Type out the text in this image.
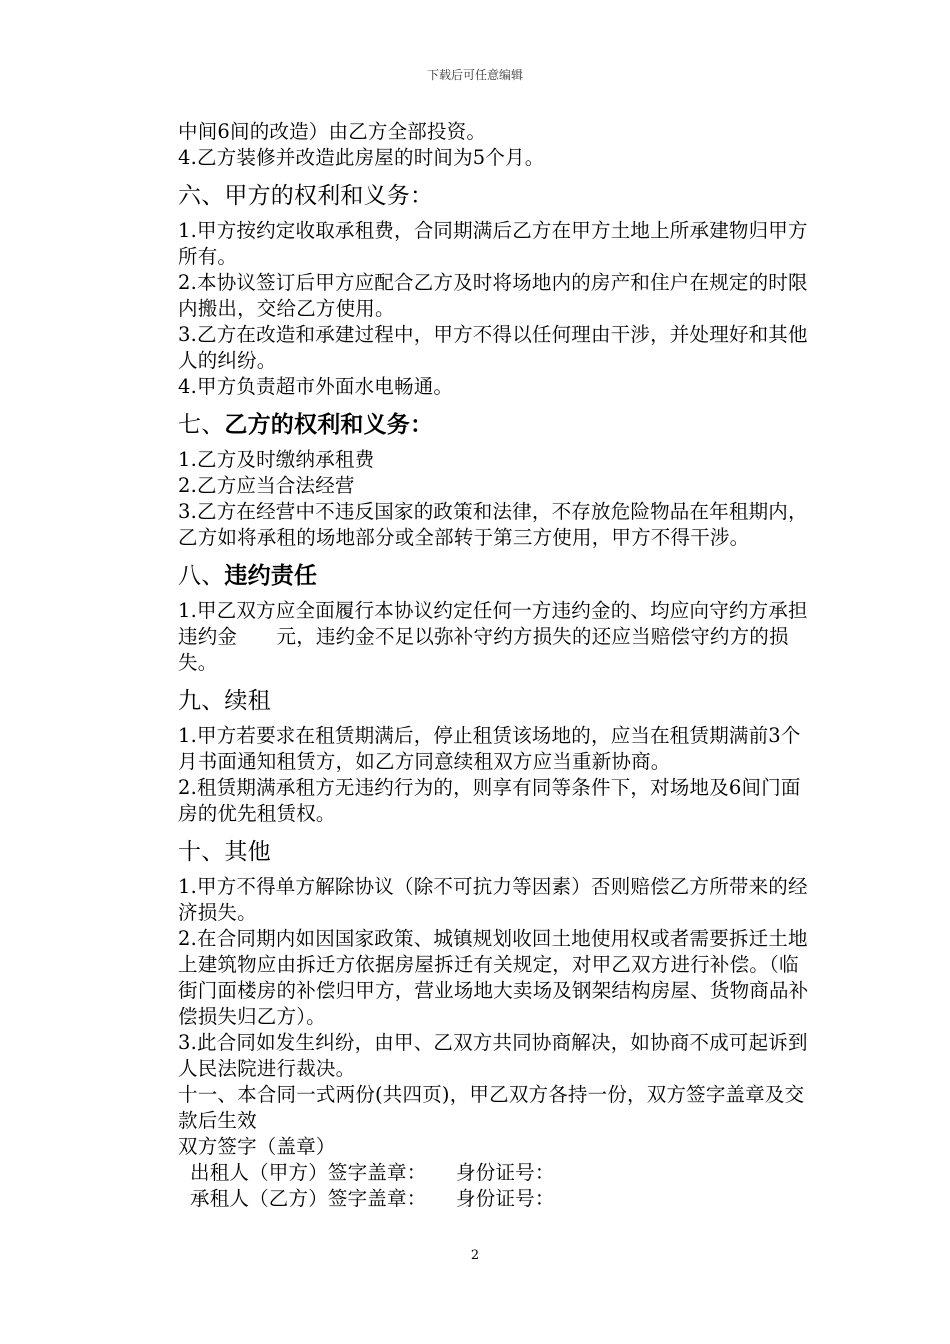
下载后可任意编辑

中间6间的改造）由乙方全部投资。

4.乙方装修并改造此房屋的时间为5个月。

六、甲方的权利和义务：

1.甲方按约定收取承租费，合同期满后乙方在甲方土地上所承建物归甲方所有。

2.本协议签订后甲方应配合乙方及时将场地内的房产和住户在规定的时限内搬出，交给乙方使用。

3.乙方在改造和承建过程中，甲方不得以任何理由干涉，并处理好和其他人的纠纷。

4.甲方负责超市外面水电畅通。

七、乙方的权利和义务：

1.乙方及时缴纳承租费

2.乙方应当合法经营

3.乙方在经营中不违反国家的政策和法律，不存放危险物品在年租期内，乙方如将承租的场地部分或全部转于第三方使用，甲方不得干涉。

八、违约责任

1.甲乙双方应全面履行本协议约定任何一方违约金的、均应向守约方承担违约金　　元，违约金不足以弥补守约方损失的还应当赔偿守约方的损失。

九、续租

1.甲方若要求在租赁期满后，停止租赁该场地的，应当在租赁期满前3个月书面通知租赁方，如乙方同意续租双方应当重新协商。

2.租赁期满承租方无违约行为的，则享有同等条件下，对场地及6间门面房的优先租赁权。

十、其他

1.甲方不得单方解除协议（除不可抗力等因素）否则赔偿乙方所带来的经济损失。

2.在合同期内如因国家政策、城镇规划收回土地使用权或者需要拆迁土地上建筑物应由拆迁方依据房屋拆迁有关规定，对甲乙双方进行补偿。（临街门面楼房的补偿归甲方，营业场地大卖场及钢架结构房屋、货物商品补偿损失归乙方）。

3.此合同如发生纠纷，由甲、乙双方共同协商解决，如协商不成可起诉到人民法院进行裁决。

十一、本合同一式两份(共四页)，甲乙双方各持一份，双方签字盖章及交款后生效

双方签字（盖章）

出租人（甲方）签字盖章：　　身份证号：

承租人（乙方）签字盖章：　　身份证号：

2
